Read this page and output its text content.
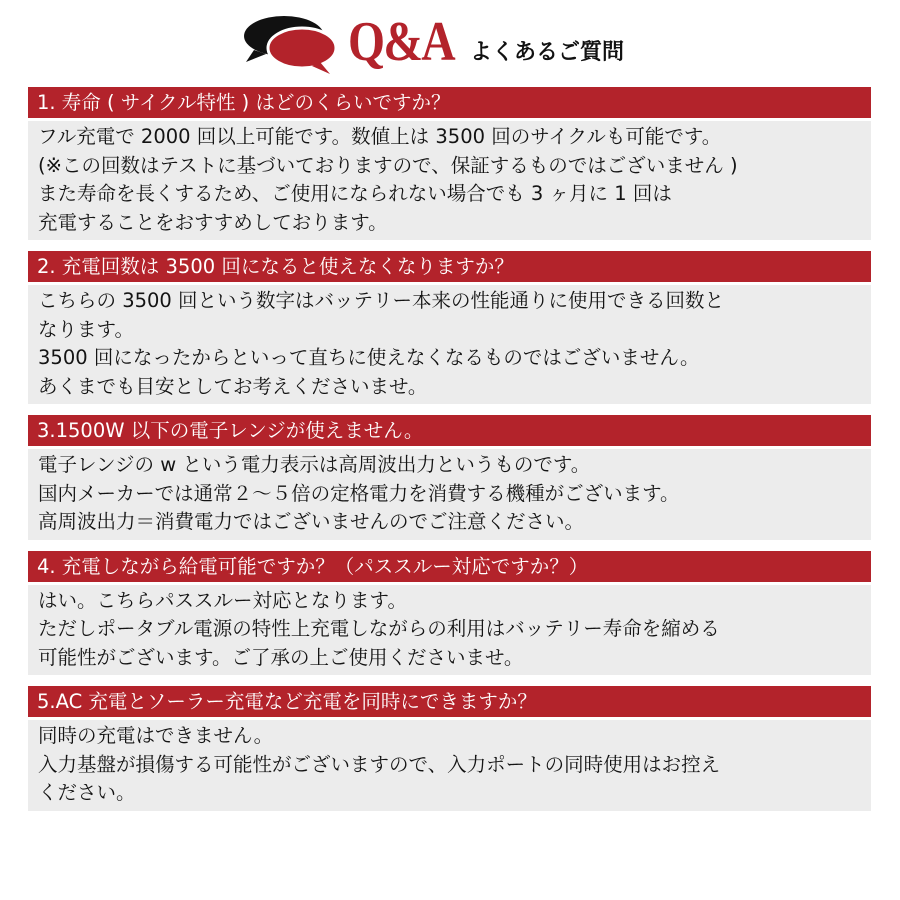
Q&A よくあるご質問
1. 寿命 ( サイクル特性 ) はどのくらいですか？
フル充電で 2000 回以上可能です。数値上は 3500 回のサイクルも可能です。
(※この回数はテストに基づいておりますので、保証するものではございません )
また寿命を長くするため、ご使用になられない場合でも 3 ヶ月に 1 回は
充電することをおすすめしております。
2. 充電回数は 3500 回になると使えなくなりますか？
こちらの 3500 回という数字はバッテリー本来の性能通りに使用できる回数と
なります。
3500 回になったからといって直ちに使えなくなるものではございません。
あくまでも目安としてお考えくださいませ。
3.1500W 以下の電子レンジが使えません。
電子レンジの w という電力表示は高周波出力というものです。
国内メーカーでは通常２～５倍の定格電力を消費する機種がございます。
高周波出力＝消費電力ではございませんのでご注意ください。
4. 充電しながら給電可能ですか？（パススルー対応ですか？）
はい。こちらパススルー対応となります。
ただしポータブル電源の特性上充電しながらの利用はバッテリー寿命を縮める
可能性がございます。ご了承の上ご使用くださいませ。
5.AC 充電とソーラー充電など充電を同時にできますか？
同時の充電はできません。
入力基盤が損傷する可能性がございますので、入力ポートの同時使用はお控え
ください。
